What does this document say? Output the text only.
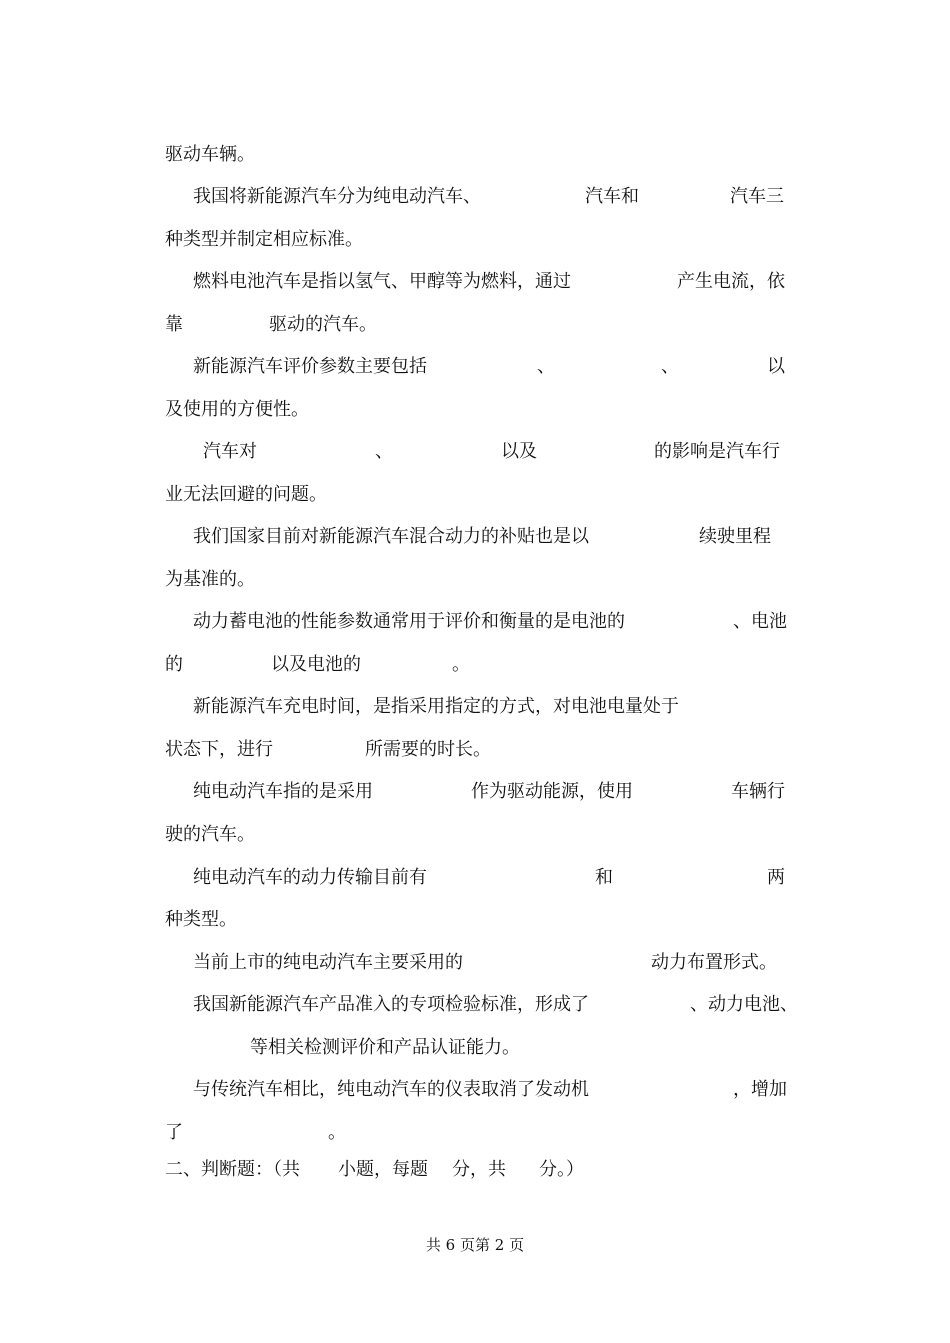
驱动车辆。
我国将新能源汽车分为纯电动汽车、	汽车和	汽车三
种类型并制定相应标准。
燃料电池汽车是指以氢气、甲醇等为燃料，通过	产生电流，依
靠	驱动的汽车。
新能源汽车评价参数主要包括	、	、	以
及使用的方便性。
汽车对	、	以及	的影响是汽车行
业无法回避的问题。
我们国家目前对新能源汽车混合动力的补贴也是以	续驶里程
为基准的。
动力蓄电池的性能参数通常用于评价和衡量的是电池的	、电池
的	以及电池的	。
新能源汽车充电时间，是指采用指定的方式，对电池电量处于
状态下，进行	所需要的时长。
纯电动汽车指的是采用	作为驱动能源，使用	车辆行
驶的汽车。
纯电动汽车的动力传输目前有	和	两
种类型。
当前上市的纯电动汽车主要采用的	动力布置形式。
我国新能源汽车产品准入的专项检验标准，形成了	、动力电池、
等相关检测评价和产品认证能力。
与传统汽车相比，纯电动汽车的仪表取消了发动机	，增加
了	。
二、判断题：（共 小题，每题 分，共 分。）
共 6 页第 2 页
